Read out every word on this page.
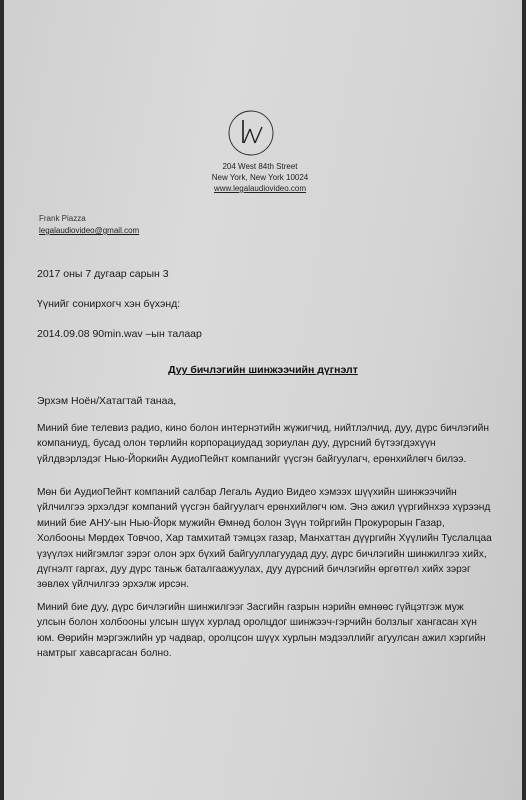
204 West 84th Street
New York, New York 10024
www.legalaudiovideo.com
Frank Piazza
legalaudiovideo@gmail.com
2017 оны 7 дугаар сарын 3
Үүнийг сонирхогч хэн бүхэнд:
2014.09.08 90min.wav –ын талаар
Дуу бичлэгийн шинжээчийн дүгнэлт
Эрхэм Ноён/Хатагтай танаа,

Миний бие телевиз радио, кино болон интернэтийн жүжигчид, нийтлэлчид, дуу, дүрс бичлэгийн компаниуд, бусад олон төрлийн корпорациудад зориулан дуу, дүрсний бүтээгдэхүүн үйлдвэрлэдэг Нью-Йоркийн АудиоПейнт компанийг үүсгэн байгуулагч, ерөнхийлөгч билээ.

Мөн би АудиоПейнт компаний салбар Легаль Аудио Видео хэмээх шүүхийн шинжээчийн үйлчилгээ эрхэлдэг компаний үүсгэн байгуулагч ерөнхийлөгч юм. Энэ ажил үүргийнхээ хүрээнд миний бие АНУ-ын Нью-Йорк мужийн Өмнөд болон Зүүн тойргийн Прокурорын Газар, Холбооны Мөрдөх Товчоо, Хар тамхитай тэмцэх газар, Манхаттан дүүргийн Хүүлийн Туслалцаа үзүүлэх нийгэмлэг зэрэг олон эрх бүхий байгууллагуудад дуу, дүрс бичлэгийн шинжилгээ хийх, дүгнэлт гаргах, дуу дүрс таньж баталгаажуулах, дуу дүрсний бичлэгийн өргөтгөл хийх зэрэг зөвлөх үйлчилгээ эрхэлж ирсэн.

Миний бие дуу, дүрс бичлэгийн шинжилгээг Засгийн газрын нэрийн өмнөөс гүйцэтгэж муж улсын болон холбооны улсын шүүх хурлад оролцдог шинжээч-гэрчийн болзлыг хангасан хүн юм. Өөрийн мэргэжлийн ур чадвар, оролцсон шүүх хурлын мэдээллийг агуулсан ажил хэргийн намтрыг хавсаргасан болно.
